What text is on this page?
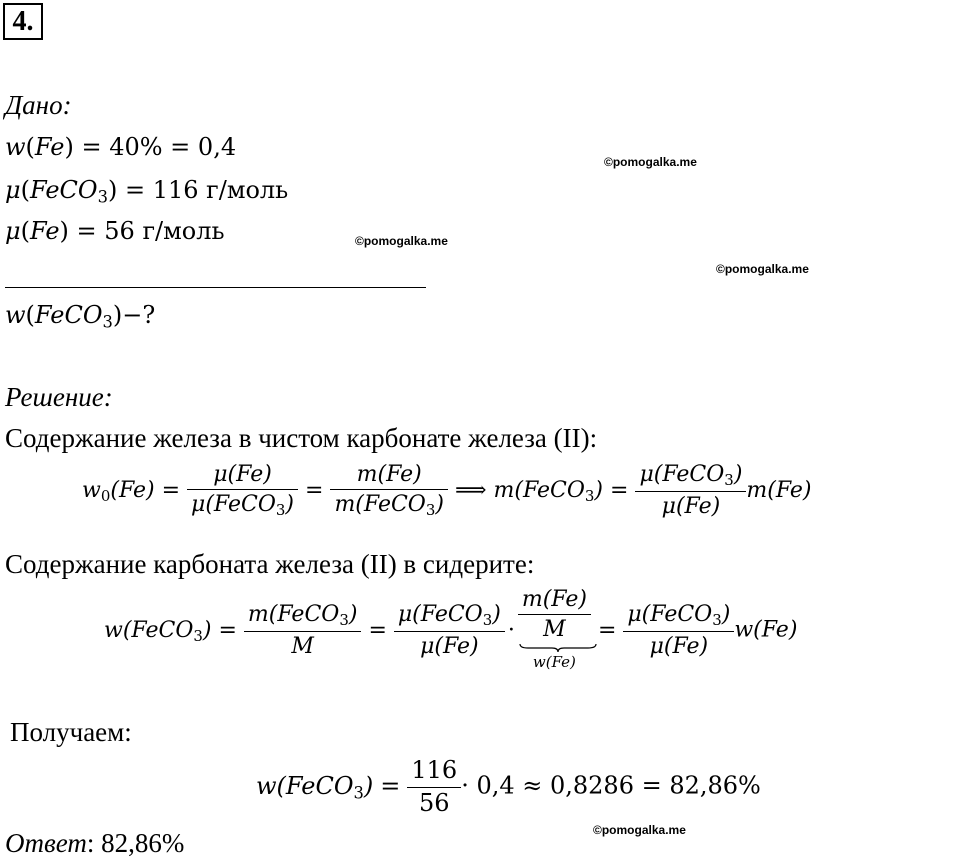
4.
©pomogalka.me
©pomogalka.me
©pomogalka.me
©pomogalka.me
Дано:
w(Fe) = 40% = 0,4
μ(FeCO$_3$) = 116 г/моль
μ(Fe) = 56 г/моль
w(FeCO$_3$)−?
Решение:
Содержание железа в чистом карбонате железа (II):
$w_0(Fe) = \frac{\mu(Fe)}{\mu(FeCO_3)} = \frac{m(Fe)}{m(FeCO_3)}$ ⟹ m(FeCO$_3$) = $\frac{\mu(FeCO_3)}{\mu(Fe)} m(Fe)$
Содержание карбоната железа (II) в сидерите:
w(FeCO$_3$) = $\frac{m(FeCO_3)}{M} = \frac{\mu(FeCO_3)}{\mu(Fe)}$ ·
m(Fe)
M
w(Fe)
= $\frac{\mu(FeCO_3)}{\mu(Fe)} w(Fe)$
Получаем:
w(FeCO$_3$) = $\frac{116}{56} \cdot 0,4 \approx 0,8286 = 82,86\%$
Ответ: 82,86%
